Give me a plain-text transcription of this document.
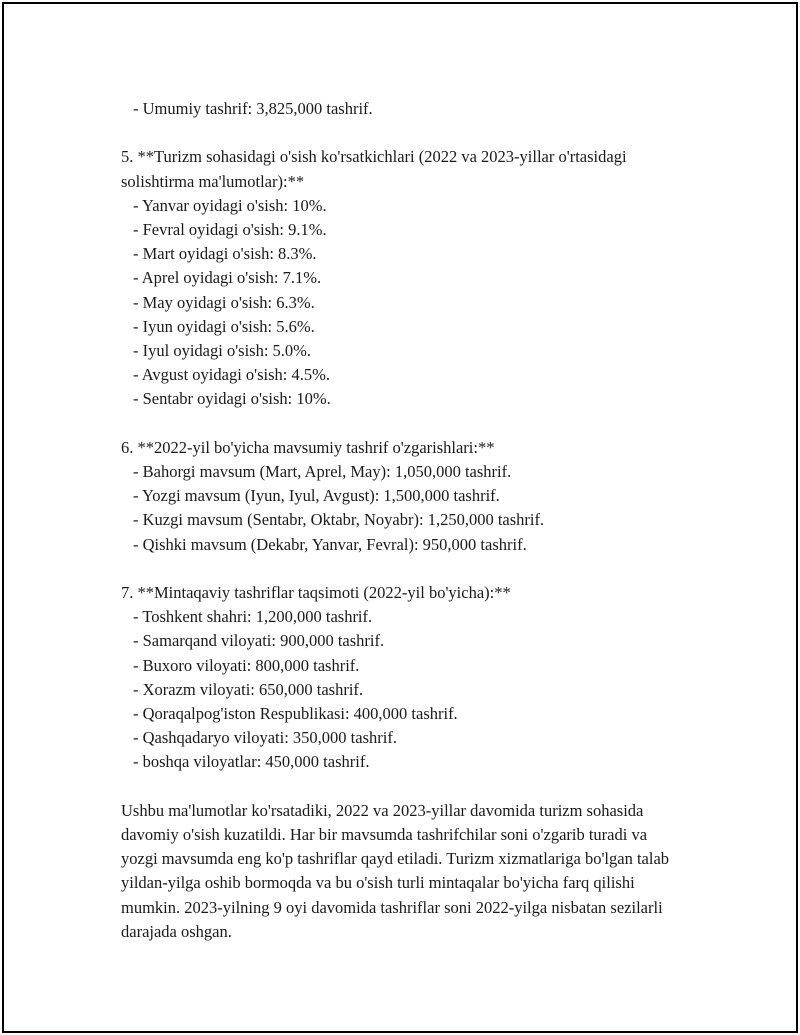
- Umumiy tashrif: 3,825,000 tashrif.
5. **Turizm sohasidagi o'sish ko'rsatkichlari (2022 va 2023-yillar o'rtasidagi solishtirma ma'lumotlar):**
- Yanvar oyidagi o'sish: 10%.
- Fevral oyidagi o'sish: 9.1%.
- Mart oyidagi o'sish: 8.3%.
- Aprel oyidagi o'sish: 7.1%.
- May oyidagi o'sish: 6.3%.
- Iyun oyidagi o'sish: 5.6%.
- Iyul oyidagi o'sish: 5.0%.
- Avgust oyidagi o'sish: 4.5%.
- Sentabr oyidagi o'sish: 10%.
6. **2022-yil bo'yicha mavsumiy tashrif o'zgarishlari:**
- Bahorgi mavsum (Mart, Aprel, May): 1,050,000 tashrif.
- Yozgi mavsum (Iyun, Iyul, Avgust): 1,500,000 tashrif.
- Kuzgi mavsum (Sentabr, Oktabr, Noyabr): 1,250,000 tashrif.
- Qishki mavsum (Dekabr, Yanvar, Fevral): 950,000 tashrif.
7. **Mintaqaviy tashriflar taqsimoti (2022-yil bo'yicha):**
- Toshkent shahri: 1,200,000 tashrif.
- Samarqand viloyati: 900,000 tashrif.
- Buxoro viloyati: 800,000 tashrif.
- Xorazm viloyati: 650,000 tashrif.
- Qoraqalpog'iston Respublikasi: 400,000 tashrif.
- Qashqadaryo viloyati: 350,000 tashrif.
- boshqa viloyatlar: 450,000 tashrif.
Ushbu ma'lumotlar ko'rsatadiki, 2022 va 2023-yillar davomida turizm sohasida davomiy o'sish kuzatildi. Har bir mavsumda tashrifchilar soni o'zgarib turadi va yozgi mavsumda eng ko'p tashriflar qayd etiladi. Turizm xizmatlariga bo'lgan talab yildan-yilga oshib bormoqda va bu o'sish turli mintaqalar bo'yicha farq qilishi mumkin. 2023-yilning 9 oyi davomida tashriflar soni 2022-yilga nisbatan sezilarli darajada oshgan.
